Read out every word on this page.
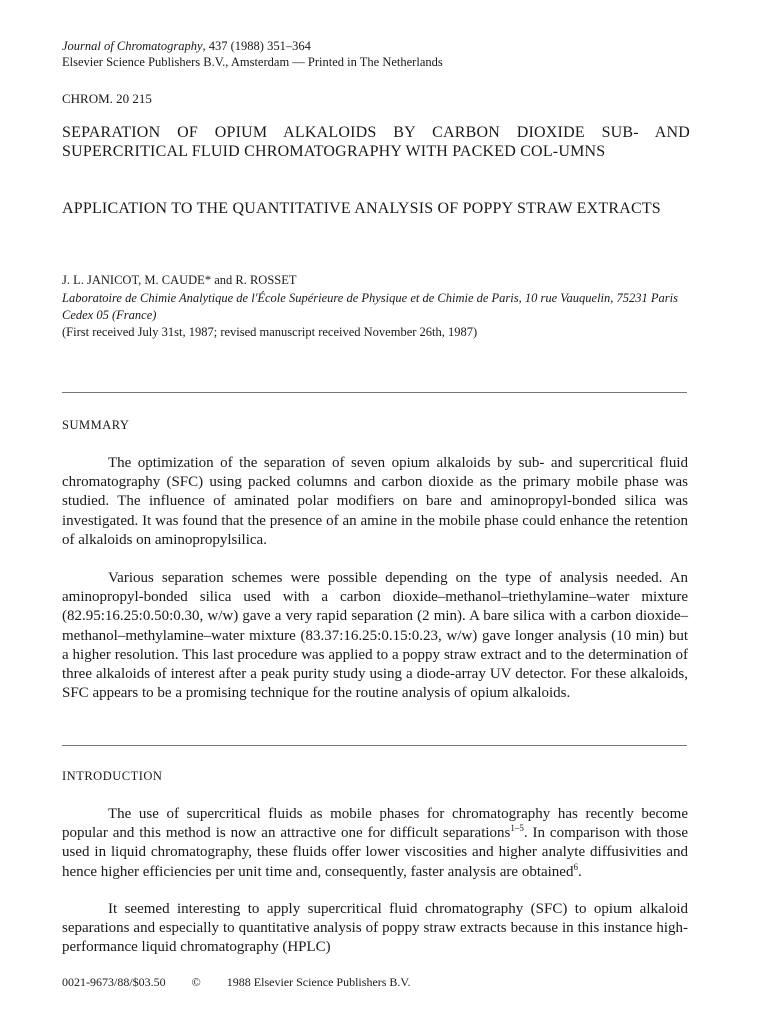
Journal of Chromatography, 437 (1988) 351–364
Elsevier Science Publishers B.V., Amsterdam — Printed in The Netherlands
CHROM. 20 215
SEPARATION OF OPIUM ALKALOIDS BY CARBON DIOXIDE SUB- AND SUPERCRITICAL FLUID CHROMATOGRAPHY WITH PACKED COL-UMNS
APPLICATION TO THE QUANTITATIVE ANALYSIS OF POPPY STRAW EXTRACTS
J. L. JANICOT, M. CAUDE* and R. ROSSET
Laboratoire de Chimie Analytique de l'École Supérieure de Physique et de Chimie de Paris, 10 rue Vauquelin, 75231 Paris Cedex 05 (France)
(First received July 31st, 1987; revised manuscript received November 26th, 1987)
SUMMARY
The optimization of the separation of seven opium alkaloids by sub- and supercritical fluid chromatography (SFC) using packed columns and carbon dioxide as the primary mobile phase was studied. The influence of aminated polar modifiers on bare and aminopropyl-bonded silica was investigated. It was found that the presence of an amine in the mobile phase could enhance the retention of alkaloids on aminopropylsilica.
Various separation schemes were possible depending on the type of analysis needed. An aminopropyl-bonded silica used with a carbon dioxide–methanol–triethylamine–water mixture (82.95:16.25:0.50:0.30, w/w) gave a very rapid separation (2 min). A bare silica with a carbon dioxide–methanol–methylamine–water mixture (83.37:16.25:0.15:0.23, w/w) gave longer analysis (10 min) but a higher resolution. This last procedure was applied to a poppy straw extract and to the determination of three alkaloids of interest after a peak purity study using a diode-array UV detector. For these alkaloids, SFC appears to be a promising technique for the routine analysis of opium alkaloids.
INTRODUCTION
The use of supercritical fluids as mobile phases for chromatography has recently become popular and this method is now an attractive one for difficult separations$^{1-5}$. In comparison with those used in liquid chromatography, these fluids offer lower viscosities and higher analyte diffusivities and hence higher efficiencies per unit time and, consequently, faster analysis are obtained$^6$.
It seemed interesting to apply supercritical fluid chromatography (SFC) to opium alkaloid separations and especially to quantitative analysis of poppy straw extracts because in this instance high-performance liquid chromatography (HPLC)
0021-9673/88/$03.50 © 1988 Elsevier Science Publishers B.V.
